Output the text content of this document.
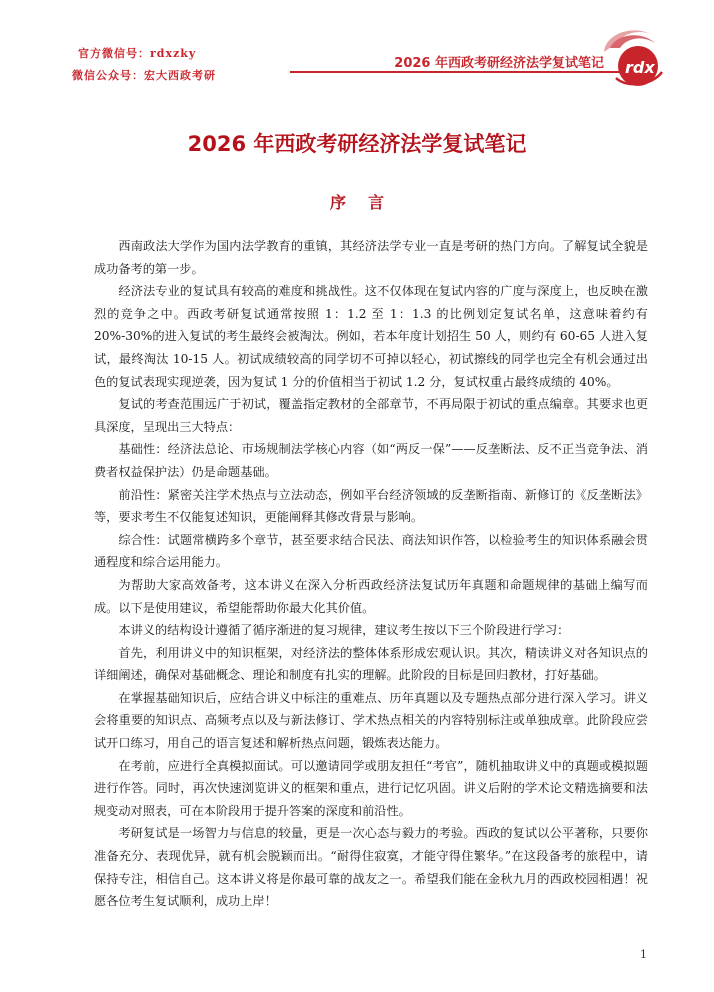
官方微信号：rdxzky
微信公众号：宏大西政考研
2026 年西政考研经济法学复试笔记 rdx
2026 年西政考研经济法学复试笔记
序言

西南政法大学作为国内法学教育的重镇，其经济法学专业一直是考研的热门方向。了解复试全貌是成功备考的第一步。

经济法专业的复试具有较高的难度和挑战性。这不仅体现在复试内容的广度与深度上，也反映在激烈的竞争之中。西政考研复试通常按照 1：1.2 至 1：1.3 的比例划定复试名单，这意味着约有 20%-30%的进入复试的考生最终会被淘汰。例如，若本年度计划招生 50 人，则约有 60-65 人进入复试，最终淘汰 10-15 人。初试成绩较高的同学切不可掉以轻心，初试擦线的同学也完全有机会通过出色的复试表现实现逆袭，因为复试 1 分的价值相当于初试 1.2 分，复试权重占最终成绩的 40%。

复试的考查范围远广于初试，覆盖指定教材的全部章节，不再局限于初试的重点编章。其要求也更具深度，呈现出三大特点：

基础性：经济法总论、市场规制法学核心内容（如“两反一保”——反垄断法、反不正当竞争法、消费者权益保护法）仍是命题基础。

前沿性：紧密关注学术热点与立法动态，例如平台经济领域的反垄断指南、新修订的《反垄断法》等，要求考生不仅能复述知识，更能阐释其修改背景与影响。

综合性：试题常横跨多个章节，甚至要求结合民法、商法知识作答，以检验考生的知识体系融会贯通程度和综合运用能力。

为帮助大家高效备考，这本讲义在深入分析西政经济法复试历年真题和命题规律的基础上编写而成。以下是使用建议，希望能帮助你最大化其价值。

本讲义的结构设计遵循了循序渐进的复习规律，建议考生按以下三个阶段进行学习：

首先，利用讲义中的知识框架，对经济法的整体体系形成宏观认识。其次，精读讲义对各知识点的详细阐述，确保对基础概念、理论和制度有扎实的理解。此阶段的目标是回归教材，打好基础。

在掌握基础知识后，应结合讲义中标注的重难点、历年真题以及专题热点部分进行深入学习。讲义会将重要的知识点、高频考点以及与新法修订、学术热点相关的内容特别标注或单独成章。此阶段应尝试开口练习，用自己的语言复述和解析热点问题，锻炼表达能力。

在考前，应进行全真模拟面试。可以邀请同学或朋友担任“考官”，随机抽取讲义中的真题或模拟题进行作答。同时，再次快速浏览讲义的框架和重点，进行记忆巩固。讲义后附的学术论文精选摘要和法规变动对照表，可在本阶段用于提升答案的深度和前沿性。

考研复试是一场智力与信息的较量，更是一次心态与毅力的考验。西政的复试以公平著称，只要你准备充分、表现优异，就有机会脱颖而出。“耐得住寂寞，才能守得住繁华。”在这段备考的旅程中，请保持专注，相信自己。这本讲义将是你最可靠的战友之一。希望我们能在金秋九月的西政校园相遇！祝愿各位考生复试顺利，成功上岸！

1
